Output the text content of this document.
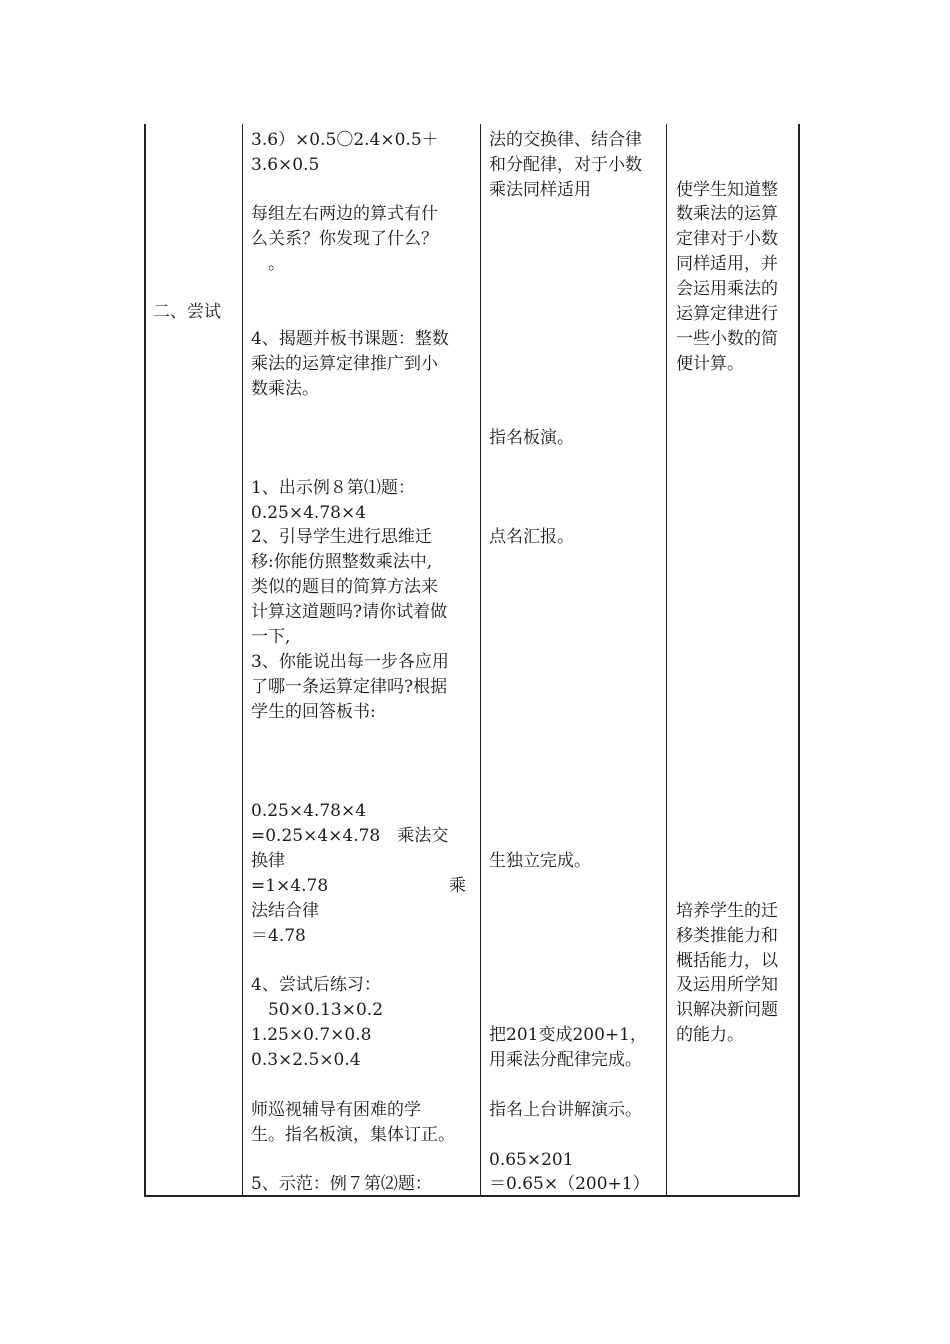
二、尝试
3.6）×0.5〇2.4×0.5＋
3.6×0.5
每组左右两边的算式有什
么关系？你发现了什么？
　。
4、揭题并板书课题：整数
乘法的运算定律推广到小
数乘法。
1、出示例８第⑴题：
0.25×4.78×4
2、引导学生进行思维迁
移:你能仿照整数乘法中,
类似的题目的简算方法来
计算这道题吗?请你试着做
一下,
3、你能说出每一步各应用
了哪一条运算定律吗?根据
学生的回答板书:
0.25×4.78×4
=0.25×4×4.78　乘法交
换律
=1×4.78	乘
法结合律
＝4.78
4、尝试后练习：
　50×0.13×0.2
1.25×0.7×0.8
0.3×2.5×0.4
师巡视辅导有困难的学
生。指名板演，集体订正。
5、示范：例７第⑵题：
法的交换律、结合律
和分配律，对于小数
乘法同样适用
指名板演。
点名汇报。
生独立完成。
把201变成200+1，
用乘法分配律完成。
指名上台讲解演示。
0.65×201
＝0.65×（200+1）
使学生知道整
数乘法的运算
定律对于小数
同样适用，并
会运用乘法的
运算定律进行
一些小数的简
便计算。
培养学生的迁
移类推能力和
概括能力，以
及运用所学知
识解决新问题
的能力。
